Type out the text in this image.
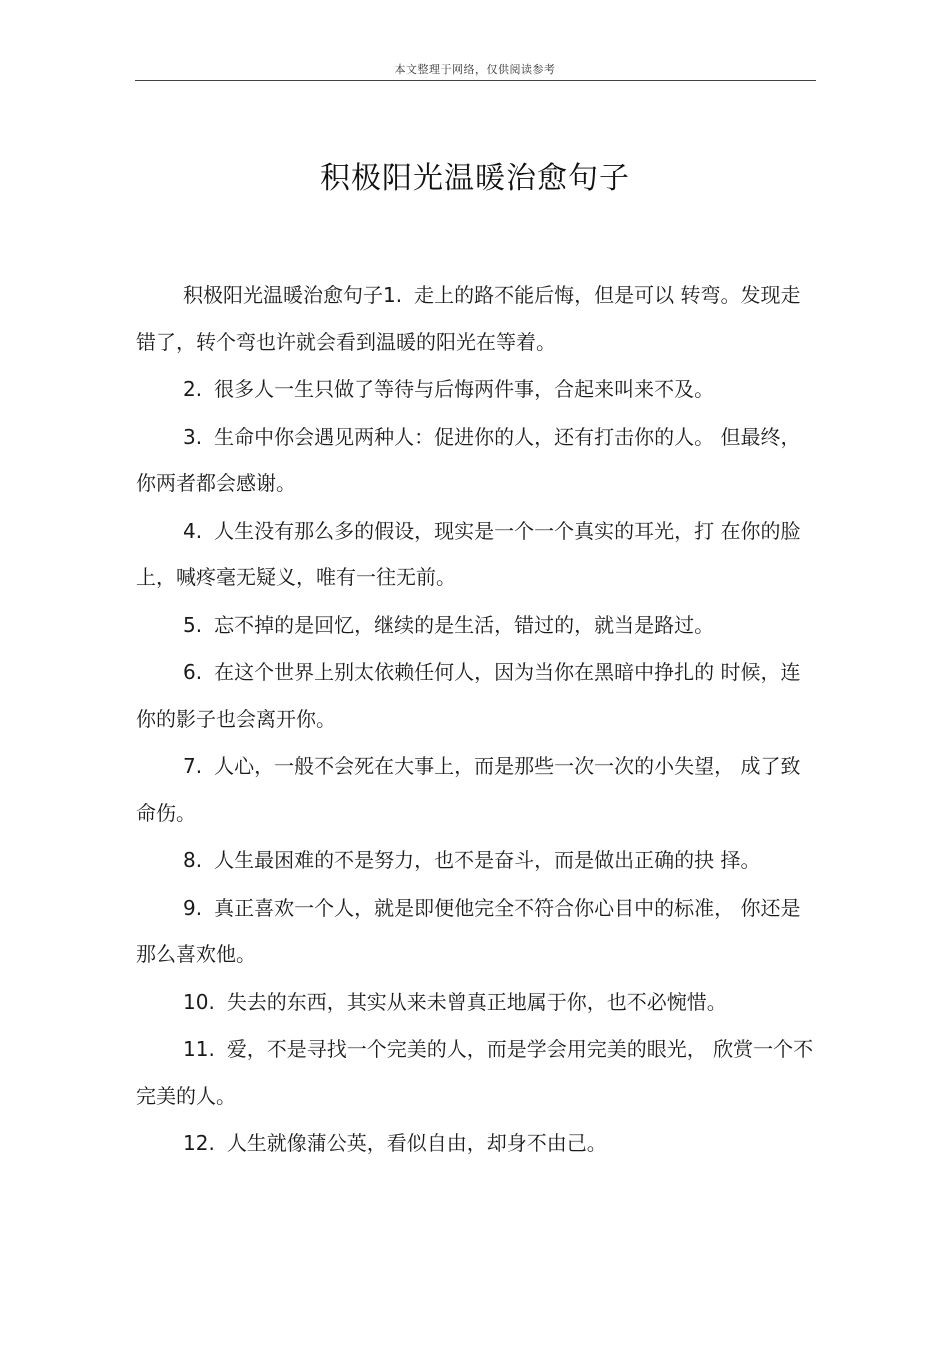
本文整理于网络，仅供阅读参考
积极阳光温暖治愈句子

积极阳光温暖治愈句子1. 走上的路不能后悔，但是可以 转弯。发现走错了，转个弯也许就会看到温暖的阳光在等着。

2. 很多人一生只做了等待与后悔两件事，合起来叫来不及。

3. 生命中你会遇见两种人：促进你的人，还有打击你的人。 但最终，你两者都会感谢。

4. 人生没有那么多的假设，现实是一个一个真实的耳光，打 在你的脸上，喊疼毫无疑义，唯有一往无前。

5. 忘不掉的是回忆，继续的是生活，错过的，就当是路过。

6. 在这个世界上别太依赖任何人，因为当你在黑暗中挣扎的 时候，连你的影子也会离开你。

7. 人心，一般不会死在大事上，而是那些一次一次的小失望， 成了致命伤。

8. 人生最困难的不是努力，也不是奋斗，而是做出正确的抉 择。

9. 真正喜欢一个人，就是即便他完全不符合你心目中的标准， 你还是那么喜欢他。

10. 失去的东西，其实从来未曾真正地属于你，也不必惋惜。

11. 爱，不是寻找一个完美的人，而是学会用完美的眼光， 欣赏一个不完美的人。

12. 人生就像蒲公英，看似自由，却身不由己。
